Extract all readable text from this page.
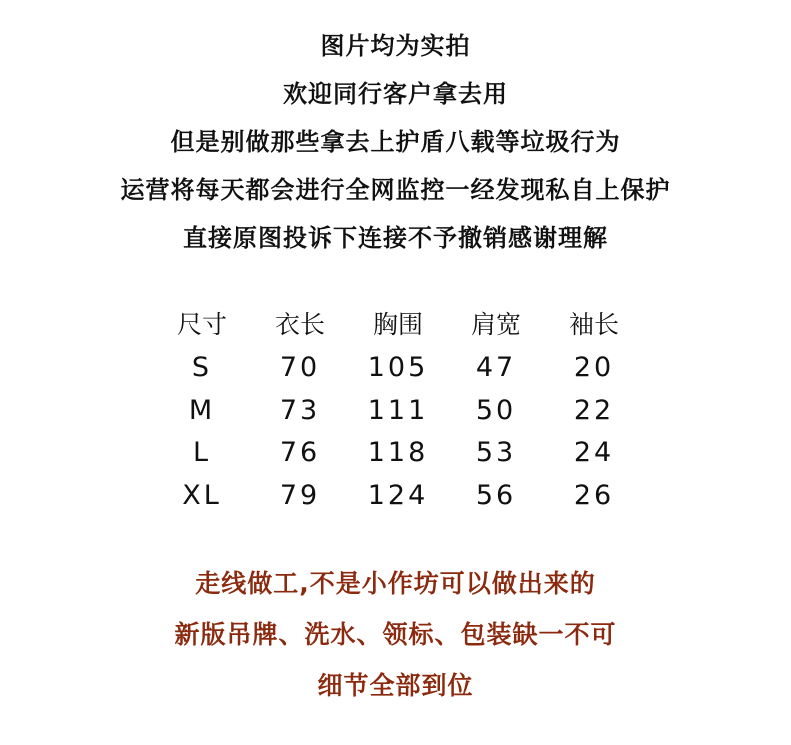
图片均为实拍
欢迎同行客户拿去用
但是别做那些拿去上护盾八载等垃圾行为
运营将每天都会进行全网监控一经发现私自上保护
直接原图投诉下连接不予撤销感谢理解
尺寸	衣长	胸围	肩宽	袖长
S	70	105	47	20
M	73	111	50	22
L	76	118	53	24
XL	79	124	56	26
走线做工,不是小作坊可以做出来的
新版吊牌、洗水、领标、包装缺一不可
细节全部到位
